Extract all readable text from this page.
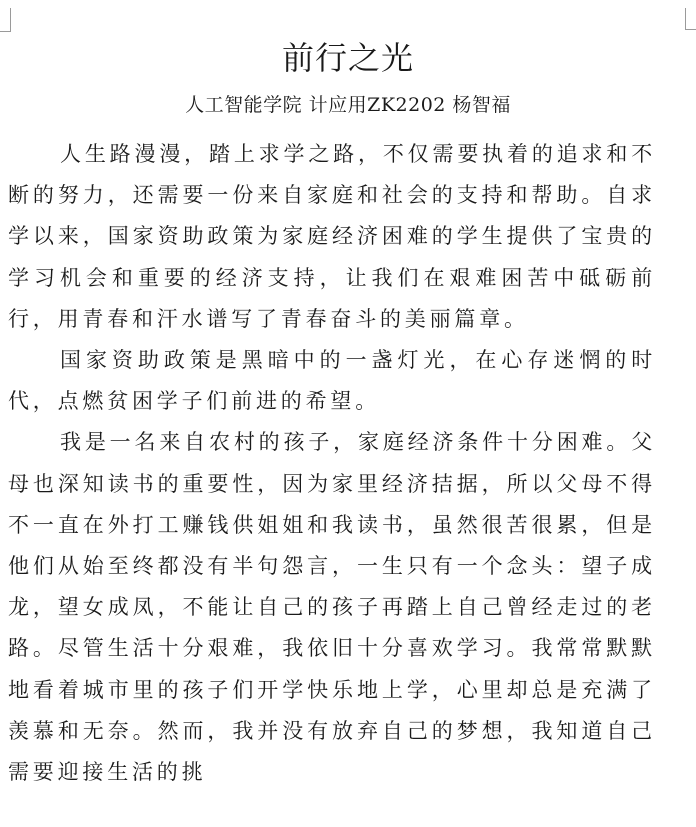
前行之光
人工智能学院 计应用ZK2202 杨智福

人生路漫漫，踏上求学之路，不仅需要执着的追求和不断的努力，还需要一份来自家庭和社会的支持和帮助。自求学以来，国家资助政策为家庭经济困难的学生提供了宝贵的学习机会和重要的经济支持，让我们在艰难困苦中砥砺前行，用青春和汗水谱写了青春奋斗的美丽篇章。

国家资助政策是黑暗中的一盏灯光，在心存迷惘的时代，点燃贫困学子们前进的希望。

我是一名来自农村的孩子，家庭经济条件十分困难。父母也深知读书的重要性，因为家里经济拮据，所以父母不得不一直在外打工赚钱供姐姐和我读书，虽然很苦很累，但是他们从始至终都没有半句怨言，一生只有一个念头：望子成龙，望女成凤，不能让自己的孩子再踏上自己曾经走过的老路。尽管生活十分艰难，我依旧十分喜欢学习。我常常默默地看着城市里的孩子们开学快乐地上学，心里却总是充满了羡慕和无奈。然而，我并没有放弃自己的梦想，我知道自己需要迎接生活的挑
